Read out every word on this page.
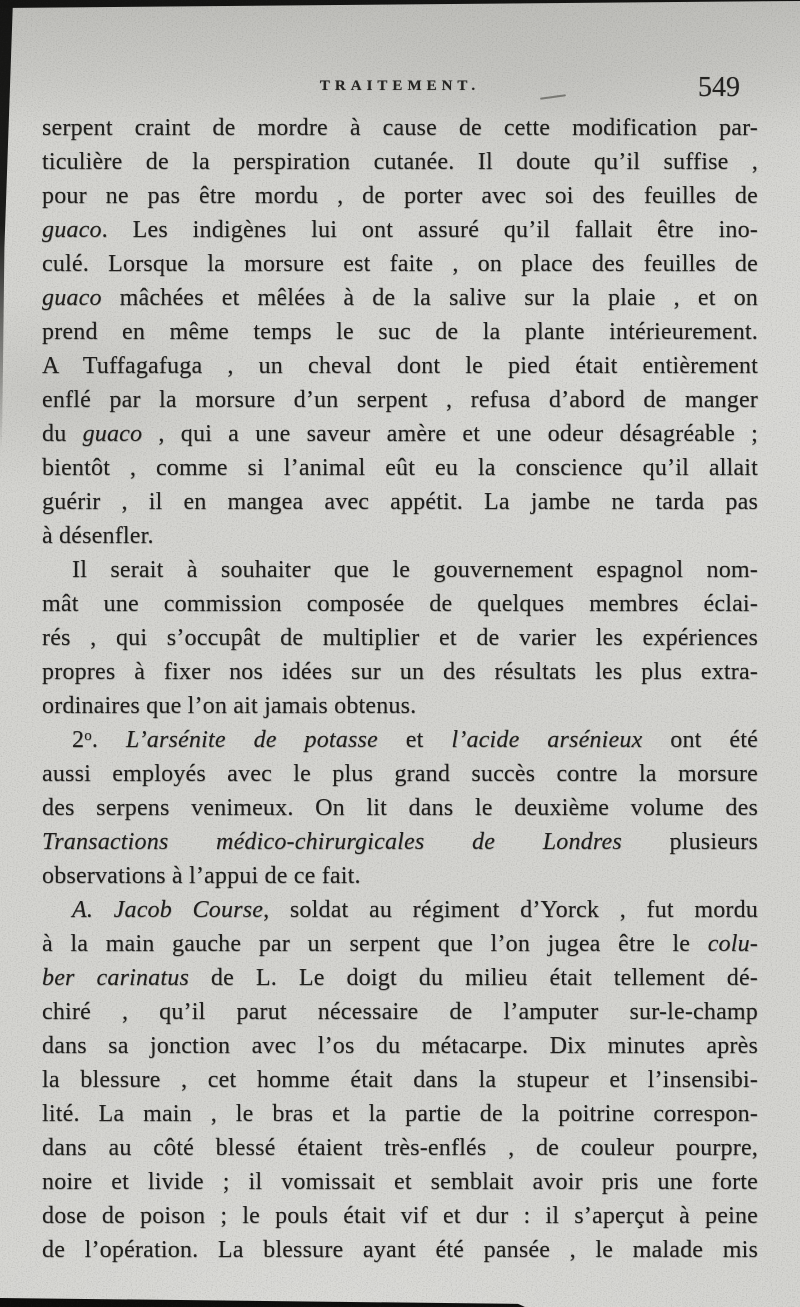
TRAITEMENT.	549
serpent craint de mordre à cause de cette modification par-
ticulière de la perspiration cutanée. Il doute qu’il suffise ,
pour ne pas être mordu , de porter avec soi des feuilles de
guaco. Les indigènes lui ont assuré qu’il fallait être ino-
culé. Lorsque la morsure est faite , on place des feuilles de
guaco mâchées et mêlées à de la salive sur la plaie , et on
prend en même temps le suc de la plante intérieurement.
A Tuffagafuga , un cheval dont le pied était entièrement
enflé par la morsure d’un serpent , refusa d’abord de manger
du guaco , qui a une saveur amère et une odeur désagréable ;
bientôt , comme si l’animal eût eu la conscience qu’il allait
guérir , il en mangea avec appétit. La jambe ne tarda pas
à désenfler.
Il serait à souhaiter que le gouvernement espagnol nom-
mât une commission composée de quelques membres éclai-
rés , qui s’occupât de multiplier et de varier les expériences
propres à fixer nos idées sur un des résultats les plus extra-
ordinaires que l’on ait jamais obtenus.
2$^o$. L’arsénite de potasse et l’acide arsénieux ont été
aussi employés avec le plus grand succès contre la morsure
des serpens venimeux. On lit dans le deuxième volume des
Transactions médico-chirurgicales de Londres plusieurs
observations à l’appui de ce fait.
A. Jacob Course, soldat au régiment d’Yorck , fut mordu
à la main gauche par un serpent que l’on jugea être le colu-
ber carinatus de L. Le doigt du milieu était tellement dé-
chiré , qu’il parut nécessaire de l’amputer sur-le-champ
dans sa jonction avec l’os du métacarpe. Dix minutes après
la blessure , cet homme était dans la stupeur et l’insensibi-
lité. La main , le bras et la partie de la poitrine correspon-
dans au côté blessé étaient très-enflés , de couleur pourpre,
noire et livide ; il vomissait et semblait avoir pris une forte
dose de poison ; le pouls était vif et dur : il s’aperçut à peine
de l’opération. La blessure ayant été pansée , le malade mis
